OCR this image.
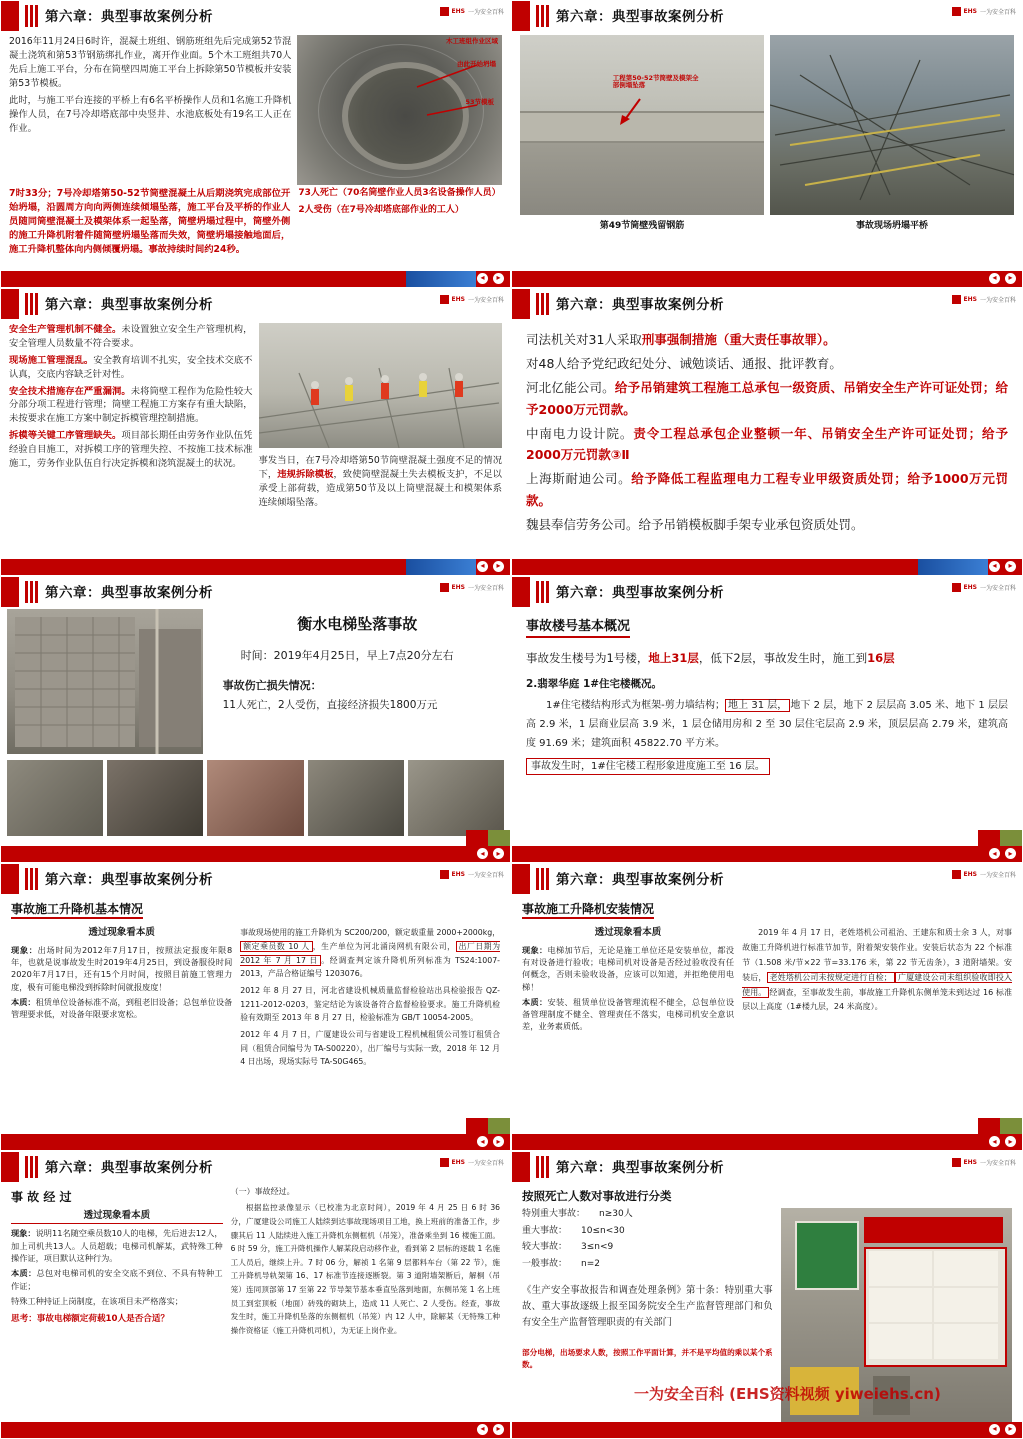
第六章：典型事故案例分析	EHS 一为安全百科

2016年11月24日6时许，混凝土班组、钢筋班组先后完成第52节混凝土浇筑和第53节钢筋绑扎作业，离开作业面。5个木工班组共70人先后上施工平台，分布在筒壁四周施工平台上拆除第50节模板并安装第53节模板。

此时，与施工平台连接的平桥上有6名平桥操作人员和1名施工升降机操作人员，在7号冷却塔底部中央竖井、水池底板处有19名工人正在作业。

木工班组作业区域
由此开始坍塌
53节模板

7时33分；7号冷却塔第50-52节筒壁混凝土从后期浇筑完成部位开始坍塌，沿圆周方向向两侧连续倾塌坠落，施工平台及平桥的作业人员随同筒壁混凝土及模架体系一起坠落，筒壁坍塌过程中，筒壁外侧的施工升降机附着件随筒壁坍塌坠落而失效，筒壁坍塌接触地面后，施工升降机整体向内侧倾覆坍塌。事故持续时间约24秒。

73人死亡（70名筒壁作业人员3名设备操作人员）

2人受伤（在7号冷却塔底部作业的工人）

◂	▸
第六章：典型事故案例分析	EHS 一为安全百科
工程第50-52节筒壁及模架全部倒塌坠落
第49节筒壁残留钢筋	事故现场坍塌平桥
◂	▸
第六章：典型事故案例分析	EHS 一为安全百科

安全生产管理机制不健全。未设置独立安全生产管理机构，安全管理人员数量不符合要求。

现场施工管理混乱。安全教育培训不扎实，安全技术交底不认真，交底内容缺乏针对性。

安全技术措施存在严重漏洞。未将筒壁工程作为危险性较大分部分项工程进行管理；筒壁工程施工方案存有重大缺陷，未按要求在施工方案中制定拆模管理控制措施。

拆模等关键工序管理缺失。项目部长期任由劳务作业队伍凭经验自目施工，对拆模工序的管理失控、不按施工技术标准施工，劳务作业队伍自行决定拆模和浇筑混凝土的状况。	事发当日，在7号冷却塔第50节筒壁混凝土强度不足的情况下，违规拆除模板，致使筒壁混凝土失去模板支护，不足以承受上部荷载，造成第50节及以上筒壁混凝土和模架体系连续倾塌坠落。

◂	▸
第六章：典型事故案例分析	EHS 一为安全百科

司法机关对31人采取刑事强制措施（重大责任事故罪）。

对48人给予党纪政纪处分、诫勉谈话、通报、批评教育。

河北亿能公司。给予吊销建筑工程施工总承包一级资质、吊销安全生产许可证处罚；给予2000万元罚款。

中南电力设计院。责令工程总承包企业整顿一年、吊销安全生产许可证处罚；给予2000万元罚款③Ⅱ

上海斯耐迪公司。给予降低工程监理电力工程专业甲级资质处罚；给予1000万元罚款。

魏县奉信劳务公司。给予吊销模板脚手架专业承包资质处罚。

◂	▸
第六章：典型事故案例分析	EHS 一为安全百科
衡水电梯坠落事故

时间：2019年4月25日，早上7点20分左右

事故伤亡损失情况：

11人死亡，2人受伤，直接经济损失1800万元

◂	▸
第六章：典型事故案例分析	EHS 一为安全百科
事故楼号基本概况

事故发生楼号为1号楼，地上31层，低下2层，事故发生时，施工到16层

2.翡翠华庭 1#住宅楼概况。

1#住宅楼结构形式为框架-剪力墙结构； 地上 31 层， 地下 2 层，地下 2 层层高 3.05 米、地下 1 层层高 2.9 米，1 层商业层高 3.9 米，1 层仓储用房和 2 至 30 层住宅层高 2.9 米，顶层层高 2.79 米，建筑高度 91.69 米；建筑面积 45822.70 平方米。

事故发生时，1#住宅楼工程形象进度施工至 16 层。

◂	▸
第六章：典型事故案例分析	EHS 一为安全百科
事故施工升降机基本情况
透过现象看本质

现象：出场时间为2012年7月17日，按照法定报废年限8年，也就是说事故发生时2019年4月25日，到设备服役时间2020年7月17日，还有15个月时间，按照目前施工管理力度，极有可能电梯没到拆除时间就报废度！

本质：租赁单位设备标准不高，到租老旧设备；总包单位设备管理要求低，对设备年限要求宽松。

事故现场使用的施工升降机为 SC200/200，额定载重量 2000+2000kg，额定乘员数 10 人 ，生产单位为河北涌岗网机有限公司， 出厂日期为 2012 年 7 月 17 日 。经调查判定该升降机所列标准为 TS24:1007-2013，产品合格证编号 1203076。

2012 年 8 月 27 日，河北省建设机械质量监督检验站出具检验报告 QZ-1211-2012-0203，鉴定结论为该设备符合监督检验要求。施工升降机检验有效期至 2013 年 8 月 27 日，检验标准为 GB/T 10054-2005。

2012 年 4 月 7 日，广厦建设公司与省建设工程机械租赁公司签订租赁合同（租赁合同编号为 TA-S00220），出厂编号与实际一致，2018 年 12 月 4 日出场，现场实际号 TA-S0G465。

◂	▸
第六章：典型事故案例分析	EHS 一为安全百科
事故施工升降机安装情况
透过现象看本质

现象：电梯加节后，无论是施工单位还是安装单位，都没有对设备进行验收；电梯司机对设备是否经过验收没有任何概念，否则未验收设备，应该可以知道，并拒绝使用电梯！

本质：安装、租赁单位设备管理流程不健全，总包单位设备管理制度不健全、管理责任不落实，电梯司机安全意识差，业务素质低。

2019 年 4 月 17 日，老姓塔机公司祖治、王建东和质士余 3 人，对事故施工升降机进行标准节加节，附着架安装作业。安装后状态为 22 个标准节（1.508 米/节×22 节=33.176 米，第 22 节无齿条），3 道附墙架。安装后， 老姓塔机公司未按规定进行自检； 广厦建设公司未组织验收即投入使用。 经调查，至事故发生前，事故施工升降机东侧单笼未到达过 16 标准层以上高度（1#楼九层，24 米高度）。

◂	▸
第六章：典型事故案例分析	EHS 一为安全百科
事 故 经 过
透过现象看本质

现象：说明11名随空乘员数10人的电梯，先后进去12人，加上司机共13人。人员超载；电梯司机解某，武特殊工种操作证，项目默认这种行为。

本质：总包对电梯司机的安全交底不到位、不具有特种工作证；

特殊工种持证上岗制度，在该项目未严格落实；

思考：事故电梯额定荷载10人是否合适？

（一）事故经过。

根据监控录像显示（已校准为北京时间），2019 年 4 月 25 日 6 时 36 分，广厦建设公司施工人陆续到达事故现场项目工地，换上班前的准备工作，步骤其后 11 人陆续进入施工升降机东侧框机（吊笼），准备乘坐到 16 楼施工面。6 时 59 分，施工升降机操作人解某段启动移作业，看到第 2 层标的逐载 1 名施工人员后，继续上升。7 时 06 分，解祯 1 名第 9 层都料车台（第 22 节），施工升降机导轨架第 16、17 标准节连接逐断裂。第 3 道附墙架断后，解桐（吊笼）连同顶部第 17 至第 22 节导架节基本垂直坠落到地面，东侧吊笼 1 名上班员工到室顶板（地面）砖残的砌块上，造成 11 人死亡、2 人受伤。经查，事故发生时，施工升降机坠落的东侧框机（吊笼）内 12 人中，除解某（无特殊工种操作资格证（施工升降机司机），为无证上岗作业。

◂	▸
第六章：典型事故案例分析	EHS 一为安全百科
按照死亡人数对事故进行分类

特别重大事故： n≥30人

重大事故： 10≤n<30

较大事故： 3≤n<9

一般事故： n=2

《生产安全事故报告和调查处理条例》第十条：特别重大事故、重大事故逐级上报至国务院安全生产监督管理部门和负有安全生产监督管理职责的有关部门

部分电梯，出场要求人数，按照工作平面计算，并不是平均值的乘以某个系数。

一为安全百科 (EHS资料视频 yiweiehs.cn)
◂	▸
